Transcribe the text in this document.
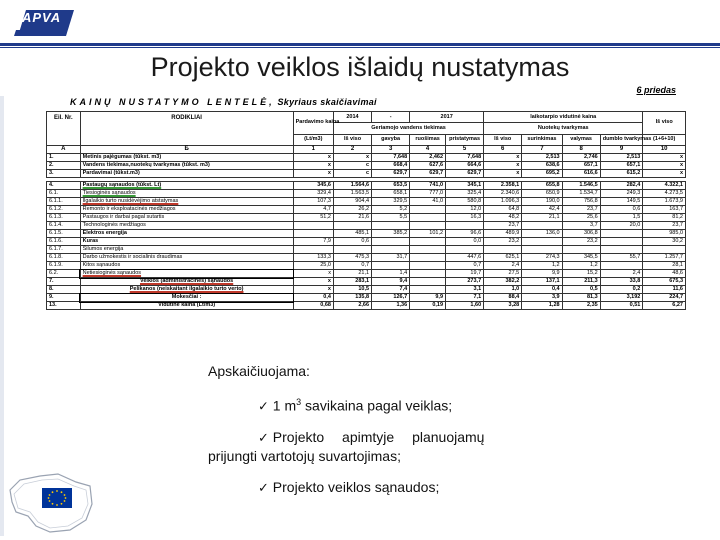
APVA
Projekto veiklos išlaidų nustatymas
6 priedas
KAINŲ NUSTATYMO LENTELĖ, Skyriaus skaičiavimai
Eil. Nr.	RODIKLIAI	Pardavimo kaina	2014	-	2017		laikotarpio vidutinė kaina				Iš viso
			Geriamojo vandens tiekimas				Nuotekų tvarkymas				
		(Lt/m3)	Iš viso	gavyba	ruošimas	pristatymas	Iš viso	surinkimas	valymas	dumblo tvarkymas	(1+6+10)
A	Б	1	2	3	4	5	6	7	8	9	10
1.	Metinis pajėgumas (tūkst. m3)	x	x	7,648	2,462	7,648	x	2,513	2,746	2,513	x
2.	Vandens tiekimas,nuotekų tvarkymas (tūkst. m3)	x	c	668,4	627,6	664,6	x	638,6	657,1	657,1	x
3.	Pardavimai (tūkst.m3)	x	c	629,7	629,7	629,7	x	695,2	616,6	615,2	x

4.	Pastaugų sąnaudos (tūkst. Lt)	345,6	1.564,6	653,5	741,0	345,1	2.358,1	655,8	1.546,5	282,4	4.322,1
6.1.	Tiesioginės sąnaudos	329,4	1.563,5	658,1	777,0	325,4	2.340,6	650,9	1.534,7	249,3	4.273,5
6.1.1.	Ilgalaikio turto nusidėvėjimo atstatymas	107,3	904,4	329,5	41,0	580,8	1.096,3	190,0	756,8	149,5	1.673,9
6.1.2.	Remonto ir eksploatacinės medžiagos	4,7	26,2	5,2		12,0	64,8	42,4	23,7	0,6	163,7
6.1.3.	Pastaugos ir darbai pagal sutartis	51,2	21,6	5,5		16,3	48,2	21,1	25,6	1,5	81,2
6.1.4.	Technologinės medžiagos						23,7		3,7	20,0	23,7
6.1.5.	Elektros energija		485,1	385,2	101,2	96,6	489,9	136,0	306,8		985,0
6.1.6.	Kuras	7,9	0,6			0,0	23,2		23,2		30,2
6.1.7.	Šilumos energija										
6.1.8.	Darbo užmokestis ir socialinis draudimas	133,3	475,3	31,7		447,6	625,1	274,3	345,5	55,7	1.257,7
6.1.9.	Kitos sąnaudos	25,0	0,7			0,7	2,4	1,2	1,2		28,1
6.2.	Netiesioginės sąnaudos	x	21,1	1,4		19,7	27,5	9,9	15,2	2,4	48,6
7.	Veiklos (administracinės) sąnaudos	x	283,1	9,4		273,7	382,2	137,1	211,3	33,8	675,3
8.	Pelikanos (neiskaitant ilgalaikio turto verto)	x	10,5	7,4		3,1	1,0	0,4	0,5	0,2	11,6
9.	Mokesčiai :	0,4	135,8	126,7	9,9	7,1	88,4	3,9	81,3	3,192	224,7
13.	Vidutinė kaina (Lt/m3)	0,68	2,66	1,36	0,19	1,60	3,28	1,28	2,35	0,51	6,27
Apskaičiuojama:
✓ 1 $m^3$ savikaina pagal veiklas;
✓ Projekto apimtyje planuojamų
prijungti vartotojų suvartojimas;
✓ Projekto veiklos sąnaudos;
